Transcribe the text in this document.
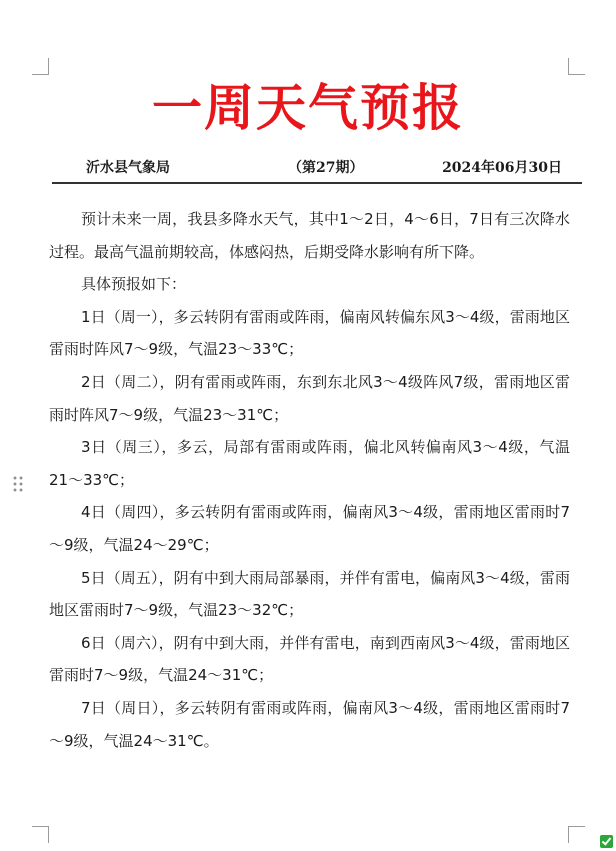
一周天气预报
沂水县气象局	（第27期）	2024年06月30日

预计未来一周，我县多降水天气，其中1～2日，4～6日，7日有三次降水过程。最高气温前期较高，体感闷热，后期受降水影响有所下降。

具体预报如下：

1日（周一），多云转阴有雷雨或阵雨，偏南风转偏东风3～4级，雷雨地区雷雨时阵风7～9级，气温23～33℃；

2日（周二），阴有雷雨或阵雨，东到东北风3～4级阵风7级，雷雨地区雷雨时阵风7～9级，气温23～31℃；

3日（周三），多云，局部有雷雨或阵雨，偏北风转偏南风3～4级，气温21～33℃；

4日（周四），多云转阴有雷雨或阵雨，偏南风3～4级，雷雨地区雷雨时7～9级，气温24～29℃；

5日（周五），阴有中到大雨局部暴雨，并伴有雷电，偏南风3～4级，雷雨地区雷雨时7～9级，气温23～32℃；

6日（周六），阴有中到大雨，并伴有雷电，南到西南风3～4级，雷雨地区雷雨时7～9级，气温24～31℃；

7日（周日），多云转阴有雷雨或阵雨，偏南风3～4级，雷雨地区雷雨时7～9级，气温24～31℃。
